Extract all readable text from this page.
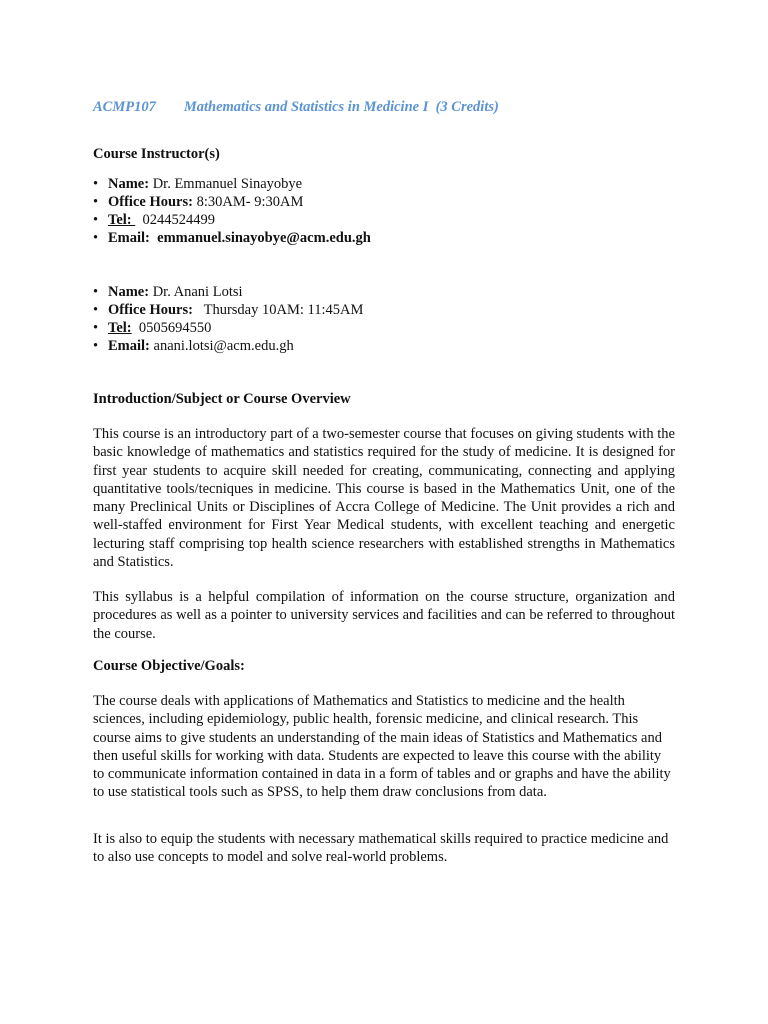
ACMP107 Mathematics and Statistics in Medicine I  (3 Credits)
Course Instructor(s)
• Name: Dr. Emmanuel Sinayobye
• Office Hours: 8:30AM- 9:30AM
• Tel:   0244524499
• Email:  emmanuel.sinayobye@acm.edu.gh
• Name: Dr. Anani Lotsi
• Office Hours:   Thursday 10AM: 11:45AM
• Tel:  0505694550
• Email: anani.lotsi@acm.edu.gh
Introduction/Subject or Course Overview

This course is an introductory part of a two-semester course that focuses on giving students with the basic knowledge of mathematics and statistics required for the study of medicine. It is designed for first year students to acquire skill needed for creating, communicating, connecting and applying quantitative tools/tecniques in medicine. This course is based in the Mathematics Unit, one of the many Preclinical Units or Disciplines of Accra College of Medicine. The Unit provides a rich and well-staffed environment for First Year Medical students, with excellent teaching and energetic lecturing staff comprising top health science researchers with established strengths in Mathematics and Statistics.

This syllabus is a helpful compilation of information on the course structure, organization and procedures as well as a pointer to university services and facilities and can be referred to throughout the course.

Course Objective/Goals:

The course deals with applications of Mathematics and Statistics to medicine and the health sciences, including epidemiology, public health, forensic medicine, and clinical research. This course aims to give students an understanding of the main ideas of Statistics and Mathematics and then useful skills for working with data. Students are expected to leave this course with the ability to communicate information contained in data in a form of tables and or graphs and have the ability to use statistical tools such as SPSS, to help them draw conclusions from data.

It is also to equip the students with necessary mathematical skills required to practice medicine and to also use concepts to model and solve real-world problems.
